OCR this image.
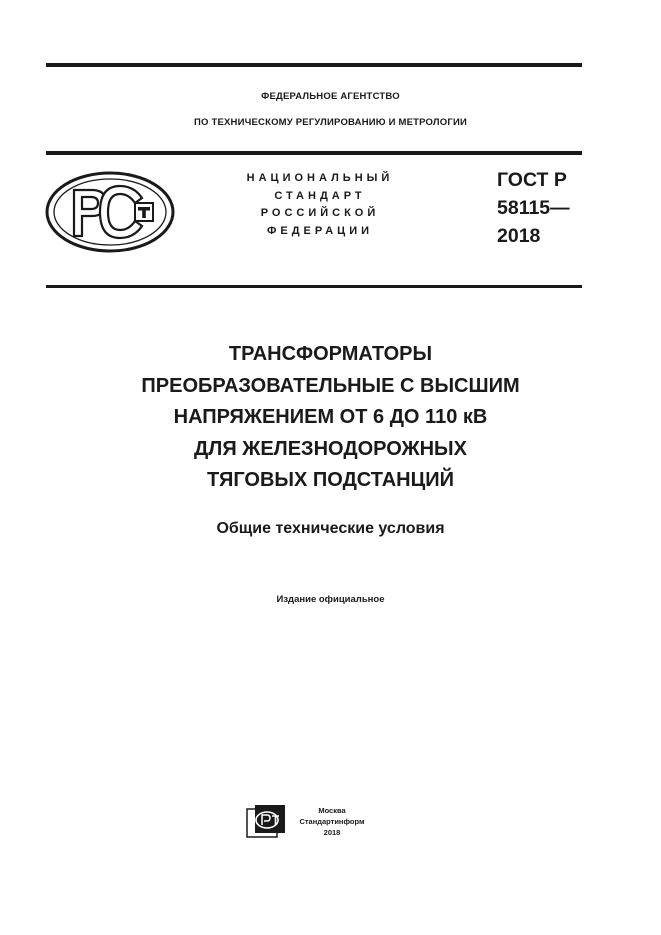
ФЕДЕРАЛЬНОЕ АГЕНТСТВО
ПО ТЕХНИЧЕСКОМУ РЕГУЛИРОВАНИЮ И МЕТРОЛОГИИ
НАЦИОНАЛЬНЫЙ
СТАНДАРТ
РОССИЙСКОЙ
ФЕДЕРАЦИИ
ГОСТ Р
58115—
2018
ТРАНСФОРМАТОРЫ
ПРЕОБРАЗОВАТЕЛЬНЫЕ С ВЫСШИМ
НАПРЯЖЕНИЕМ ОТ 6 ДО 110 кВ
ДЛЯ ЖЕЛЕЗНОДОРОЖНЫХ
ТЯГОВЫХ ПОДСТАНЦИЙ
Общие технические условия
Издание официальное
Москва
Стандартинформ
2018
